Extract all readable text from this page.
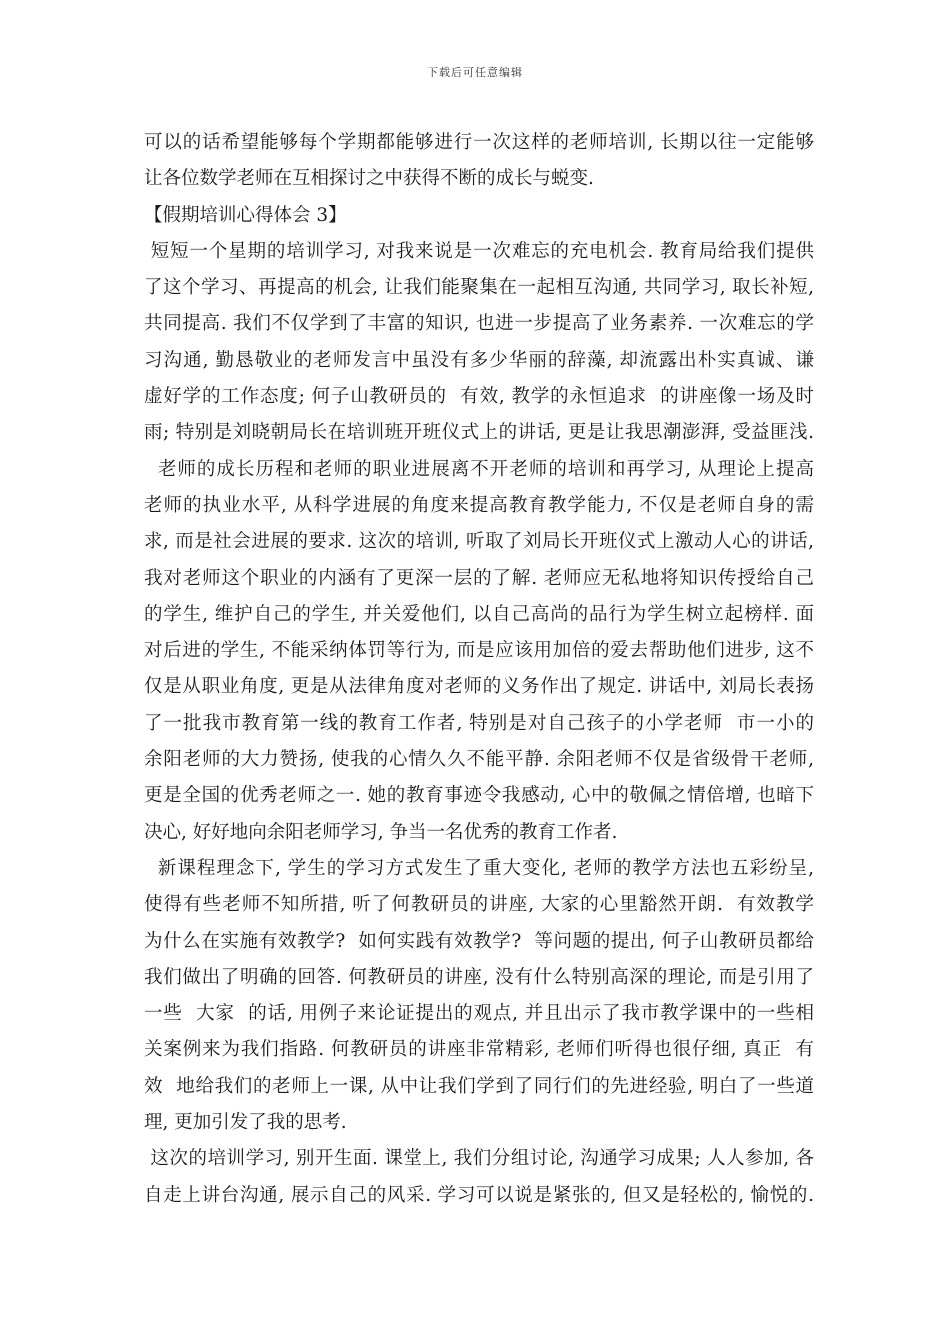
下载后可任意编辑
可以的话希望能够每个学期都能够进行一次这样的老师培训, 长期以往一定能够
让各位数学老师在互相探讨之中获得不断的成长与蜕变.
【假期培训心得体会 3】
短短一个星期的培训学习, 对我来说是一次难忘的充电机会. 教育局给我们提供
了这个学习、再提高的机会, 让我们能聚集在一起相互沟通, 共同学习, 取长补短,
共同提高. 我们不仅学到了丰富的知识, 也进一步提高了业务素养. 一次难忘的学
习沟通, 勤恳敬业的老师发言中虽没有多少华丽的辞藻, 却流露出朴实真诚、谦
虚好学的工作态度; 何子山教研员的  有效, 教学的永恒追求  的讲座像一场及时
雨; 特别是刘晓朝局长在培训班开班仪式上的讲话, 更是让我思潮澎湃, 受益匪浅.
老师的成长历程和老师的职业进展离不开老师的培训和再学习, 从理论上提高
老师的执业水平, 从科学进展的角度来提高教育教学能力, 不仅是老师自身的需
求, 而是社会进展的要求. 这次的培训, 听取了刘局长开班仪式上激动人心的讲话,
我对老师这个职业的内涵有了更深一层的了解. 老师应无私地将知识传授给自己
的学生, 维护自己的学生, 并关爱他们, 以自己高尚的品行为学生树立起榜样. 面
对后进的学生, 不能采纳体罚等行为, 而是应该用加倍的爱去帮助他们进步, 这不
仅是从职业角度, 更是从法律角度对老师的义务作出了规定. 讲话中, 刘局长表扬
了一批我市教育第一线的教育工作者, 特别是对自己孩子的小学老师  市一小的
余阳老师的大力赞扬, 使我的心情久久不能平静. 余阳老师不仅是省级骨干老师,
更是全国的优秀老师之一. 她的教育事迹令我感动, 心中的敬佩之情倍增, 也暗下
决心, 好好地向余阳老师学习, 争当一名优秀的教育工作者.
新课程理念下, 学生的学习方式发生了重大变化, 老师的教学方法也五彩纷呈,
使得有些老师不知所措, 听了何教研员的讲座, 大家的心里豁然开朗.  有效教学
为什么在实施有效教学?  如何实践有效教学?  等问题的提出, 何子山教研员都给
我们做出了明确的回答. 何教研员的讲座, 没有什么特别高深的理论, 而是引用了
一些  大家  的话, 用例子来论证提出的观点, 并且出示了我市教学课中的一些相
关案例来为我们指路. 何教研员的讲座非常精彩, 老师们听得也很仔细, 真正  有
效  地给我们的老师上一课, 从中让我们学到了同行们的先进经验, 明白了一些道
理, 更加引发了我的思考.
这次的培训学习, 别开生面. 课堂上, 我们分组讨论, 沟通学习成果; 人人参加, 各
自走上讲台沟通, 展示自己的风采. 学习可以说是紧张的, 但又是轻松的, 愉悦的.
